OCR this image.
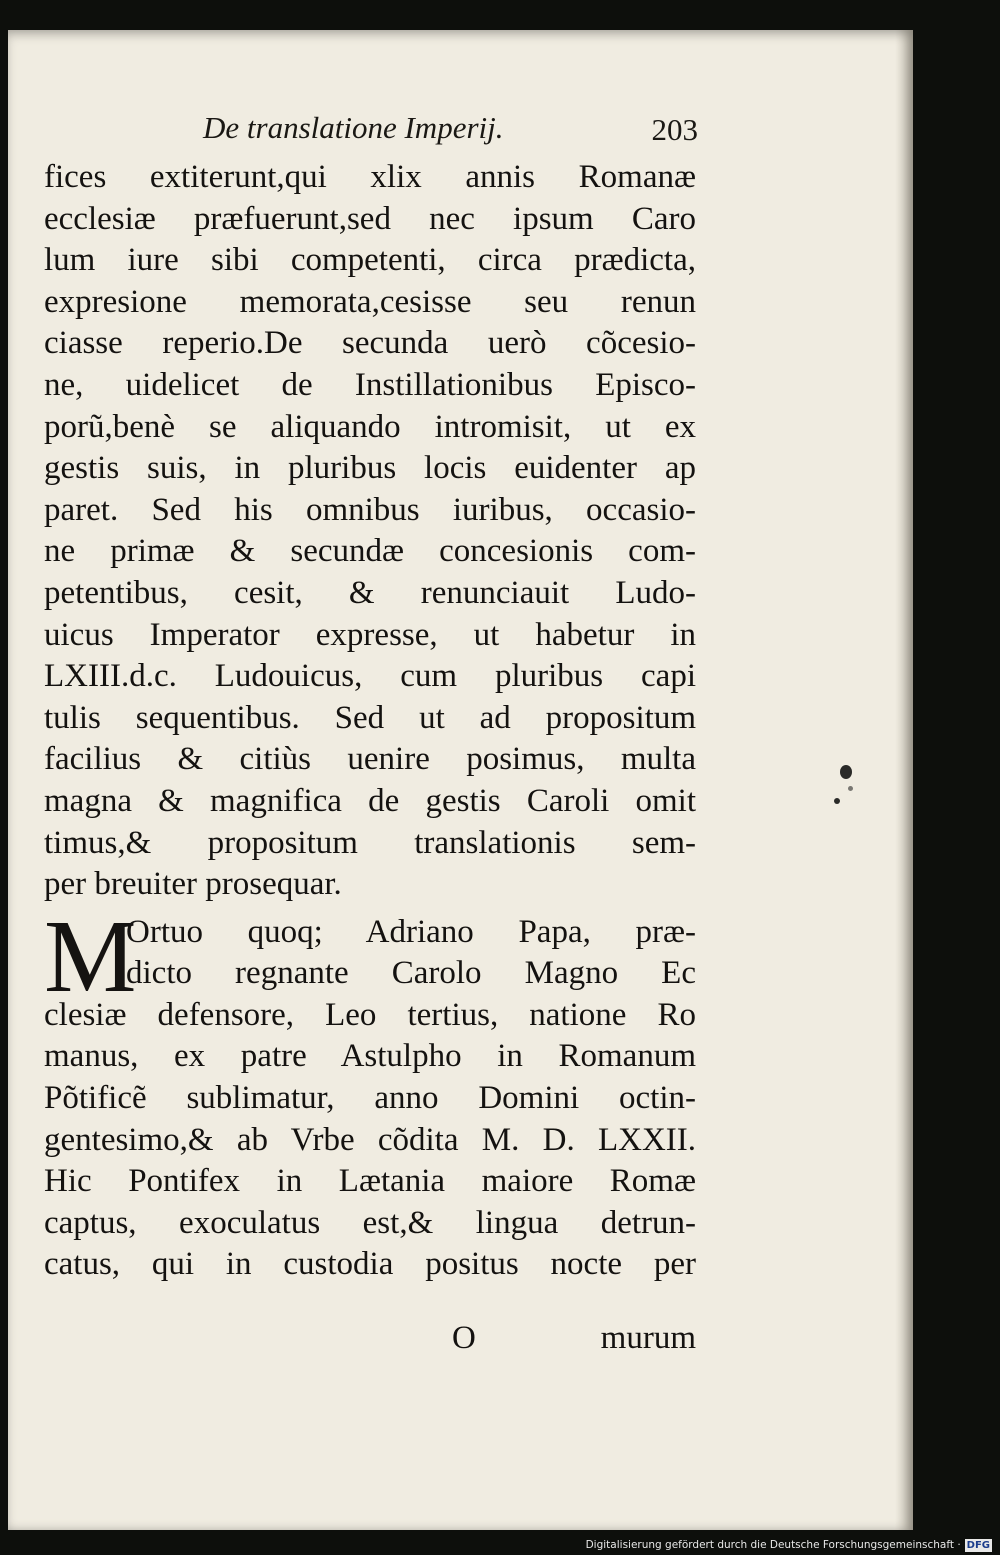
De translatione Imperij.	203
fices extiterunt,qui xlix annis Romanæ
ecclesiæ præfuerunt,sed nec ipsum Caro
lum iure sibi competenti, circa prædicta,
expresione memorata,cesisse seu renun
ciasse reperio.De secunda uerò cõcesio-
ne, uidelicet de Instillationibus Episco-
porũ,benè se aliquando intromisit, ut ex
gestis suis, in pluribus locis euidenter ap
paret. Sed his omnibus iuribus, occasio-
ne primæ & secundæ concesionis com-
petentibus, cesit, & renunciauit Ludo-
uicus Imperator expresse, ut habetur in
LXIII.d.c. Ludouicus, cum pluribus capi
tulis sequentibus. Sed ut ad propositum
facilius & citiùs uenire posimus, multa
magna & magnifica de gestis Caroli omit
timus,& propositum translationis sem-
per breuiter prosequar.
M
Ortuo quoq; Adriano Papa, præ-
dicto regnante Carolo Magno Ec
clesiæ defensore, Leo tertius, natione Ro
manus, ex patre Astulpho in Romanum
Põtificẽ sublimatur, anno Domini octin-
gentesimo,& ab Vrbe cõdita M. D. LXXII.
Hic Pontifex in Lætania maiore Romæ
captus, exoculatus est,& lingua detrun-
catus, qui in custodia positus nocte per
O	murum
Digitalisierung gefördert durch die Deutsche Forschungsgemeinschaft · DFG
